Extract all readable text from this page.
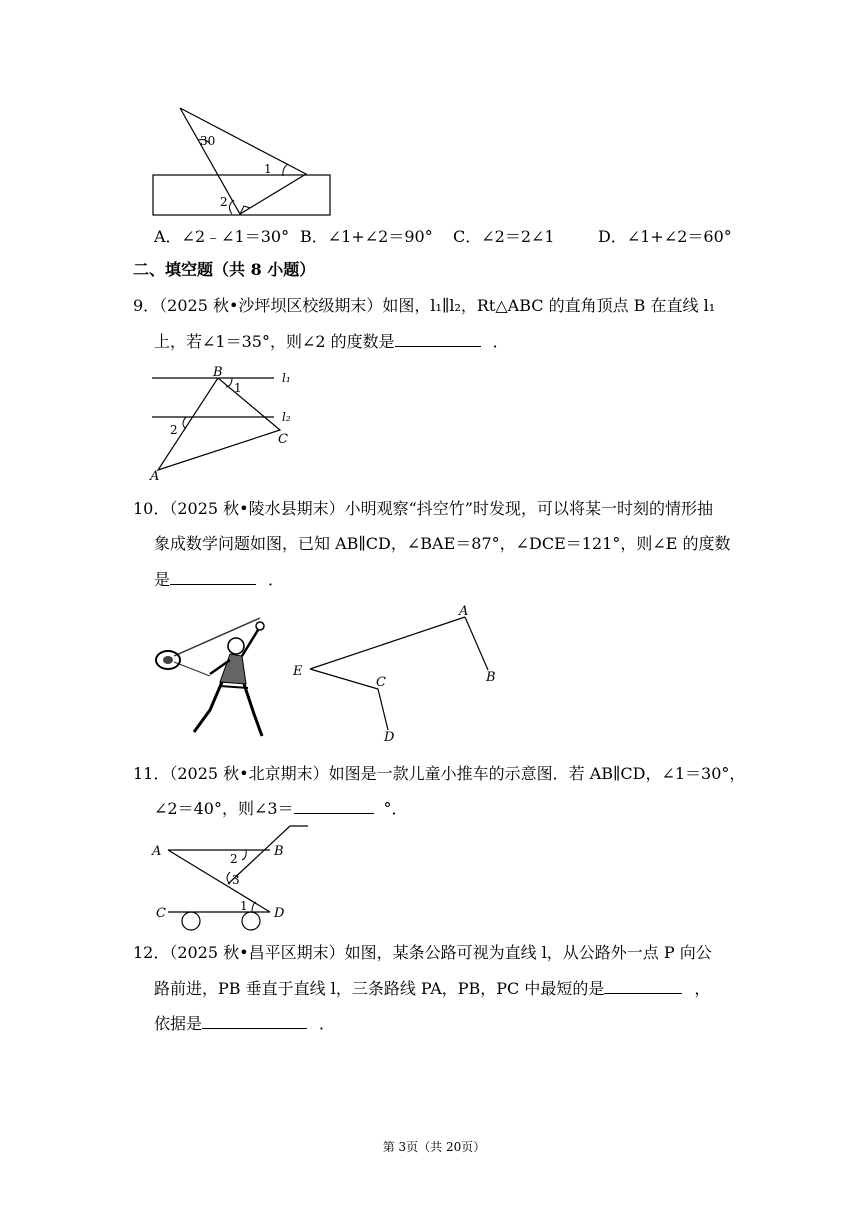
30
1
2
A．∠2﹣∠1＝30° B．∠1+∠2＝90° C．∠2＝2∠1	D．∠1+∠2＝60°
二、填空题（共 8 小题）
9．（2025 秋•沙坪坝区校级期末）如图，l₁∥l₂，Rt△ABC 的直角顶点 B 在直线 l₁
上，若∠1＝35°，则∠2 的度数是	．
B
1
l₁
l₂
2
C
A
10．（2025 秋•陵水县期末）小明观察“抖空竹”时发现，可以将某一时刻的情形抽
象成数学问题如图，已知 AB∥CD，∠BAE＝87°，∠DCE＝121°，则∠E 的度数
是	．
A
E
C	B
D
11．（2025 秋•北京期末）如图是一款儿童小推车的示意图．若 AB∥CD，∠1＝30°，
∠2＝40°，则∠3＝	°．
A	B
2
3
1
C	D
12．（2025 秋•昌平区期末）如图，某条公路可视为直线 l，从公路外一点 P 向公
路前进，PB 垂直于直线 l，三条路线 PA，PB，PC 中最短的是	，
依据是	．
第 3页（共 20页）
